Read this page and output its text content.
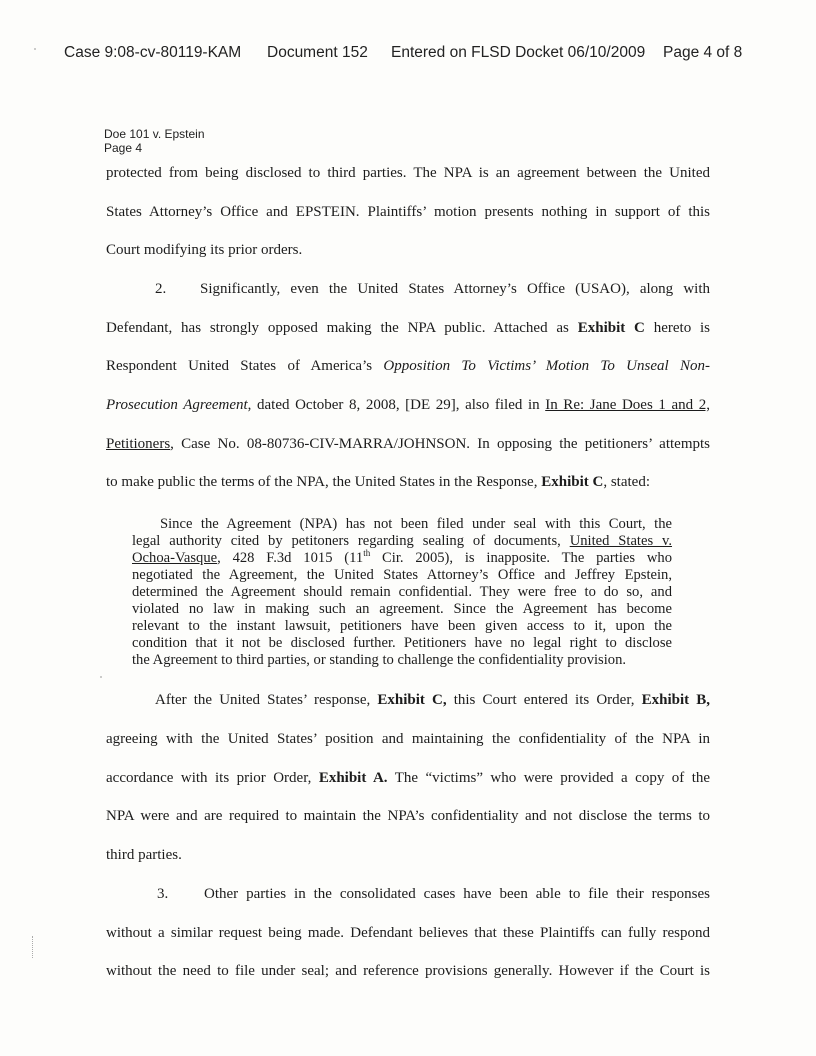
Case 9:08-cv-80119-KAM Document 152 Entered on FLSD Docket 06/10/2009 Page 4 of 8
Doe 101 v. Epstein
Page 4
protected from being disclosed to third parties. The NPA is an agreement between the United
States Attorney’s Office and EPSTEIN. Plaintiffs’ motion presents nothing in support of this
Court modifying its prior orders.
2.	Significantly, even the United States Attorney’s Office (USAO), along with
Defendant, has strongly opposed making the NPA public. Attached as Exhibit C hereto is
Respondent United States of America’s Opposition To Victims’ Motion To Unseal Non-
Prosecution Agreement, dated October 8, 2008, [DE 29], also filed in In Re: Jane Does 1 and 2,
Petitioners, Case No. 08-80736-CIV-MARRA/JOHNSON. In opposing the petitioners’ attempts
to make public the terms of the NPA, the United States in the Response, Exhibit C, stated:
Since the Agreement (NPA) has not been filed under seal with this Court, the
legal authority cited by petitoners regarding sealing of documents, United States v.
Ochoa-Vasque, 428 F.3d 1015 (11th Cir. 2005), is inapposite. The parties who
negotiated the Agreement, the United States Attorney’s Office and Jeffrey Epstein,
determined the Agreement should remain confidential. They were free to do so, and
violated no law in making such an agreement. Since the Agreement has become
relevant to the instant lawsuit, petitioners have been given access to it, upon the
condition that it not be disclosed further. Petitioners have no legal right to disclose
the Agreement to third parties, or standing to challenge the confidentiality provision.
After the United States’ response, Exhibit C, this Court entered its Order, Exhibit B,
agreeing with the United States’ position and maintaining the confidentiality of the NPA in
accordance with its prior Order, Exhibit A. The “victims” who were provided a copy of the
NPA were and are required to maintain the NPA’s confidentiality and not disclose the terms to
third parties.
3.	Other parties in the consolidated cases have been able to file their responses
without a similar request being made. Defendant believes that these Plaintiffs can fully respond
without the need to file under seal; and reference provisions generally. However if the Court is
